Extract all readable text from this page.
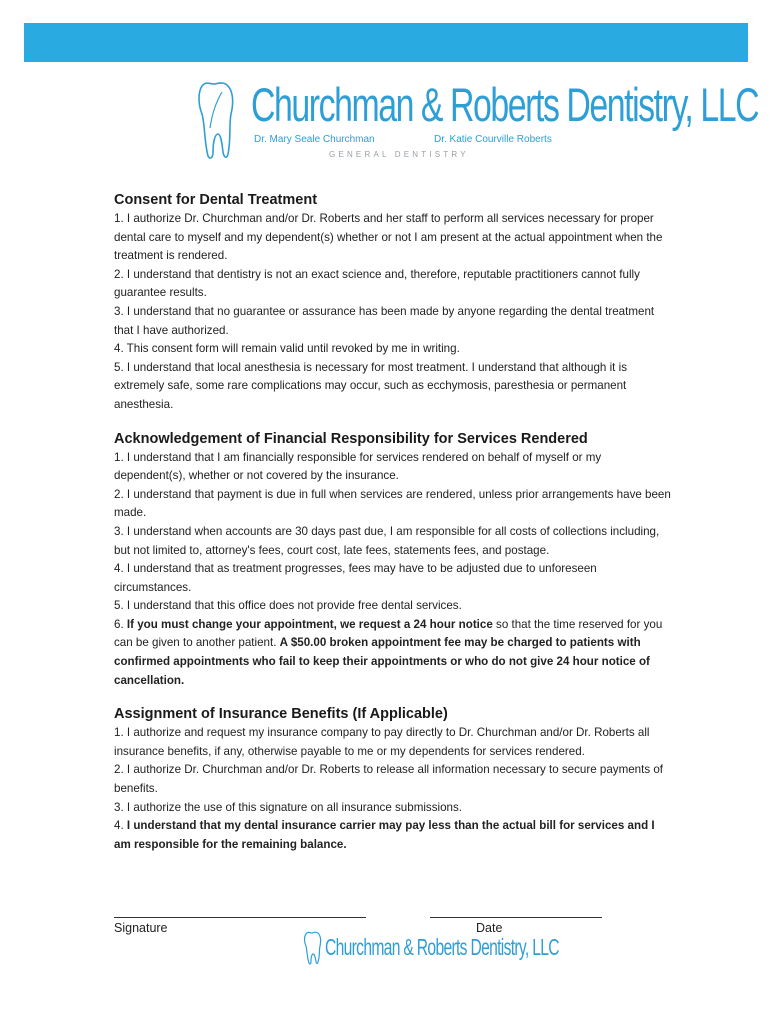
Churchman & Roberts Dentistry, LLC
Dr. Mary Seale Churchman	Dr. Katie Courville Roberts
GENERAL DENTISTRY
Consent for Dental Treatment

1. I authorize Dr. Churchman and/or Dr. Roberts and her staff to perform all services necessary for proper dental care to myself and my dependent(s) whether or not I am present at the actual appointment when the treatment is rendered.

2. I understand that dentistry is not an exact science and, therefore, reputable practitioners cannot fully guarantee results.

3. I understand that no guarantee or assurance has been made by anyone regarding the dental treatment that I have authorized.

4. This consent form will remain valid until revoked by me in writing.

5. I understand that local anesthesia is necessary for most treatment. I understand that although it is extremely safe, some rare complications may occur, such as ecchymosis, paresthesia or permanent anesthesia.

Acknowledgement of Financial Responsibility for Services Rendered

1. I understand that I am financially responsible for services rendered on behalf of myself or my dependent(s), whether or not covered by the insurance.

2. I understand that payment is due in full when services are rendered, unless prior arrangements have been made.

3. I understand when accounts are 30 days past due, I am responsible for all costs of collections including, but not limited to, attorney's fees, court cost, late fees, statements fees, and postage.

4. I understand that as treatment progresses, fees may have to be adjusted due to unforeseen circumstances.

5. I understand that this office does not provide free dental services.

6. If you must change your appointment, we request a 24 hour notice so that the time reserved for you can be given to another patient. A $50.00 broken appointment fee may be charged to patients with confirmed appointments who fail to keep their appointments or who do not give 24 hour notice of cancellation.

Assignment of Insurance Benefits (If Applicable)

1. I authorize and request my insurance company to pay directly to Dr. Churchman and/or Dr. Roberts all insurance benefits, if any, otherwise payable to me or my dependents for services rendered.

2. I authorize Dr. Churchman and/or Dr. Roberts to release all information necessary to secure payments of benefits.

3. I authorize the use of this signature on all insurance submissions.

4. I understand that my dental insurance carrier may pay less than the actual bill for services and I am responsible for the remaining balance.

Signature	Date
Churchman & Roberts Dentistry, LLC
